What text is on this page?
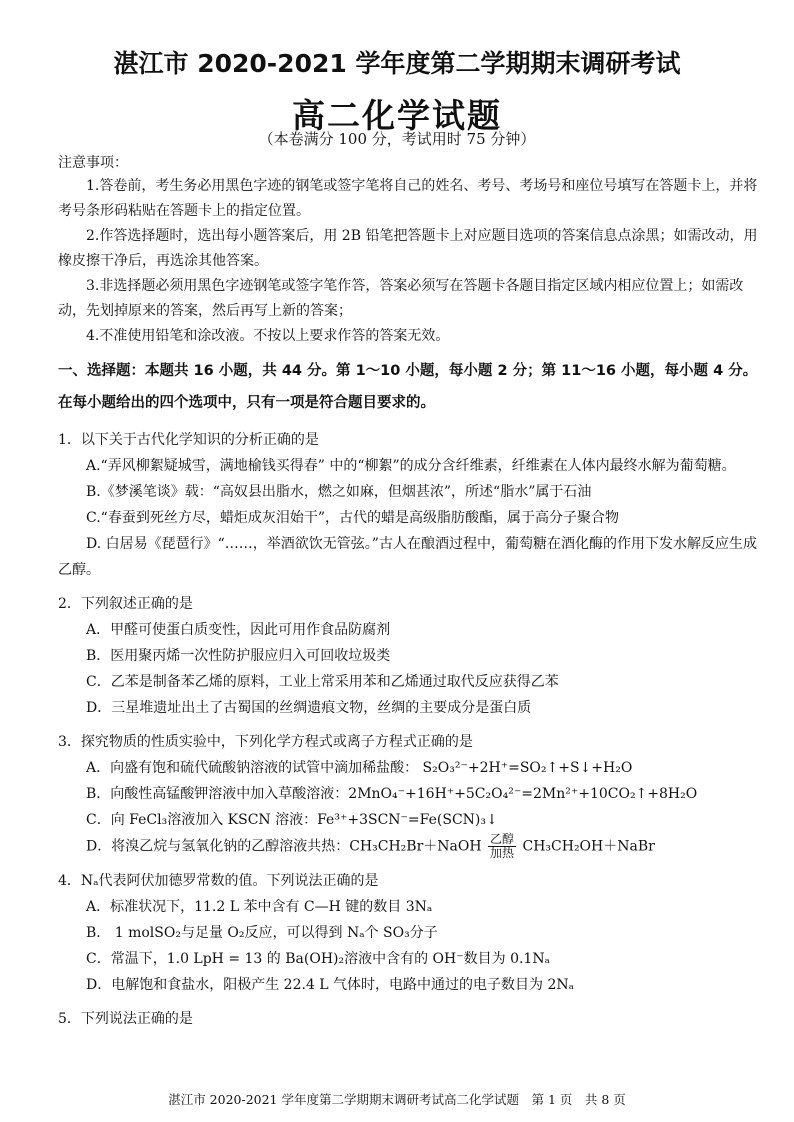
湛江市 2020-2021 学年度第二学期期末调研考试
高二化学试题
（本卷满分 100 分，考试用时 75 分钟）
注意事项：

1.答卷前，考生务必用黑色字迹的钢笔或签字笔将自己的姓名、考号、考场号和座位号填写在答题卡上，并将考号条形码粘贴在答题卡上的指定位置。

2.作答选择题时，选出每小题答案后，用 2B 铅笔把答题卡上对应题目选项的答案信息点涂黑；如需改动，用橡皮擦干净后，再选涂其他答案。

3.非选择题必须用黑色字迹钢笔或签字笔作答，答案必须写在答题卡各题目指定区域内相应位置上；如需改动，先划掉原来的答案，然后再写上新的答案；

4.不准使用铅笔和涂改液。不按以上要求作答的答案无效。

一、选择题：本题共 16 小题，共 44 分。第 1～10 小题，每小题 2 分；第 11～16 小题，每小题 4 分。在每小题给出的四个选项中，只有一项是符合题目要求的。

1．以下关于古代化学知识的分析正确的是

A.“弄风柳絮疑城雪，满地榆钱买得春” 中的“柳絮”的成分含纤维素，纤维素在人体内最终水解为葡萄糖。

B.《梦溪笔谈》载：“高奴县出脂水，燃之如麻，但烟甚浓”，所述“脂水”属于石油

C.“春蚕到死丝方尽，蜡炬成灰泪始干”，古代的蜡是高级脂肪酸酯，属于高分子聚合物

D. 白居易《琵琶行》“……，举酒欲饮无管弦。”古人在酿酒过程中，葡萄糖在酒化酶的作用下发水解反应生成乙醇。

2．下列叙述正确的是

A．甲醛可使蛋白质变性，因此可用作食品防腐剂

B．医用聚丙烯一次性防护服应归入可回收垃圾类

C．乙苯是制备苯乙烯的原料，工业上常采用苯和乙烯通过取代反应获得乙苯

D．三星堆遗址出土了古蜀国的丝绸遗痕文物，丝绸的主要成分是蛋白质

3．探究物质的性质实验中，下列化学方程式或离子方程式正确的是

A．向盛有饱和硫代硫酸钠溶液的试管中滴加稀盐酸： S₂O₃²⁻+2H⁺=SO₂↑+S↓+H₂O

B．向酸性高锰酸钾溶液中加入草酸溶液：2MnO₄⁻+16H⁺+5C₂O₄²⁻=2Mn²⁺+10CO₂↑+8H₂O

C．向 FeCl₃溶液加入 KSCN 溶液：Fe³⁺+3SCN⁻=Fe(SCN)₃↓

D．将溴乙烷与氢氧化钠的乙醇溶液共热：CH₃CH₂Br＋NaOH 乙醇
加热 CH₃CH₂OH＋NaBr

4．Nₐ代表阿伏加德罗常数的值。下列说法正确的是

A．标准状况下，11.2 L 苯中含有 C—H 键的数目 3Nₐ

B． 1 molSO₂与足量 O₂反应，可以得到 Nₐ个 SO₃分子

C．常温下，1.0 LpH = 13 的 Ba(OH)₂溶液中含有的 OH⁻数目为 0.1Nₐ

D．电解饱和食盐水，阳极产生 22.4 L 气体时，电路中通过的电子数目为 2Nₐ

5．下列说法正确的是

湛江市 2020-2021 学年度第二学期期末调研考试高二化学试题　第 1 页　共 8 页
